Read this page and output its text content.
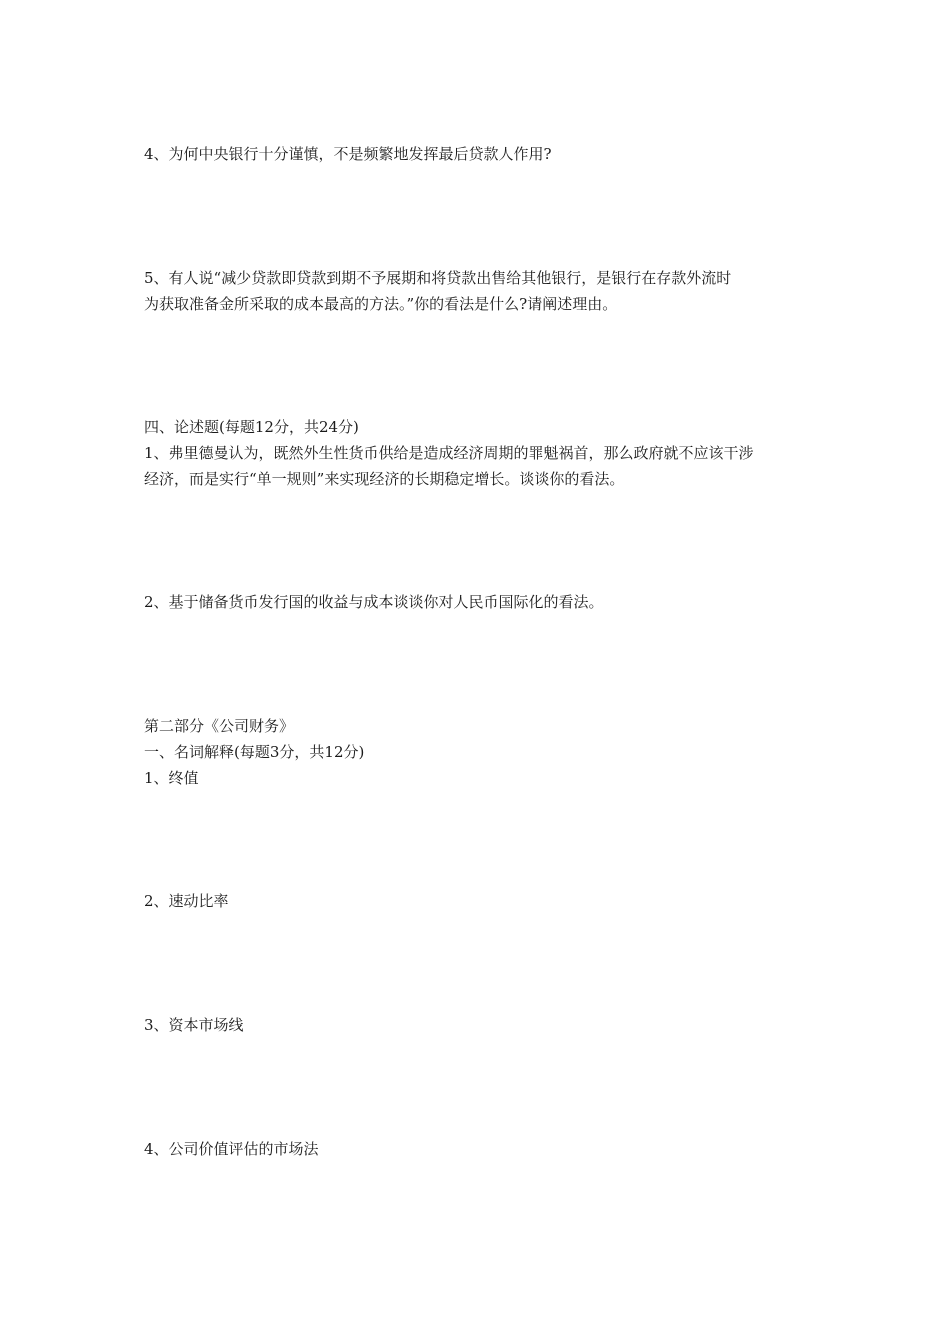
4、为何中央银行十分谨慎，不是频繁地发挥最后贷款人作用?

5、有人说“减少贷款即贷款到期不予展期和将贷款出售给其他银行，是银行在存款外流时

为获取准备金所采取的成本最高的方法。”你的看法是什么?请阐述理由。

四、论述题(每题12分，共24分)

1、弗里德曼认为，既然外生性货币供给是造成经济周期的罪魁祸首，那么政府就不应该干涉

经济，而是实行“单一规则”来实现经济的长期稳定增长。谈谈你的看法。

2、基于储备货币发行国的收益与成本谈谈你对人民币国际化的看法。

第二部分《公司财务》

一、名词解释(每题3分，共12分)

1、终值

2、速动比率

3、资本市场线

4、公司价值评估的市场法
